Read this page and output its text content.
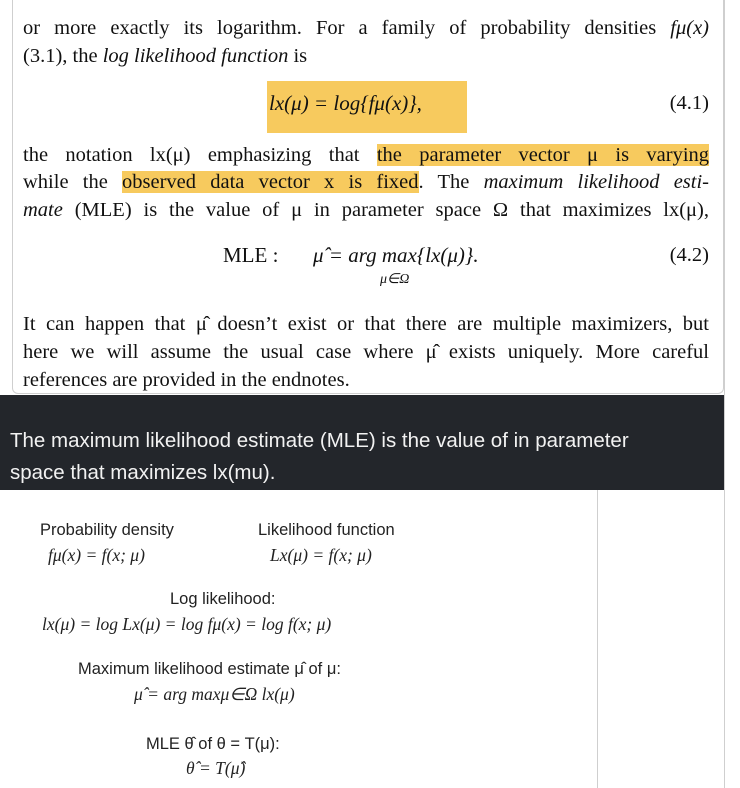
or more exactly its logarithm. For a family of probability densities fμ(x)
(3.1), the log likelihood function is
lx(μ) = log{fμ(x)},	(4.1)
the notation lx(μ) emphasizing that the parameter vector μ is varying
while the observed data vector x is fixed. The maximum likelihood esti-
mate (MLE) is the value of μ in parameter space Ω that maximizes lx(μ),
MLE : μ̂ = arg max{lx(μ)}.
μ∈Ω
(4.2)
It can happen that μ̂ doesn’t exist or that there are multiple maximizers, but
here we will assume the usual case where μ̂ exists uniquely. More careful
references are provided in the endnotes.
The maximum likelihood estimate (MLE) is the value of in parameter
space that maximizes lx(mu).
Probability density
fμ(x) = f(x; μ)
Likelihood function
Lx(μ) = f(x; μ)
Log likelihood:
lx(μ) = log Lx(μ) = log fμ(x) = log f(x; μ)
Maximum likelihood estimate μ̂ of μ:
μ̂ = arg maxμ∈Ω lx(μ)
MLE θ̂ of θ = T(μ):
θ̂ = T(μ̂)
